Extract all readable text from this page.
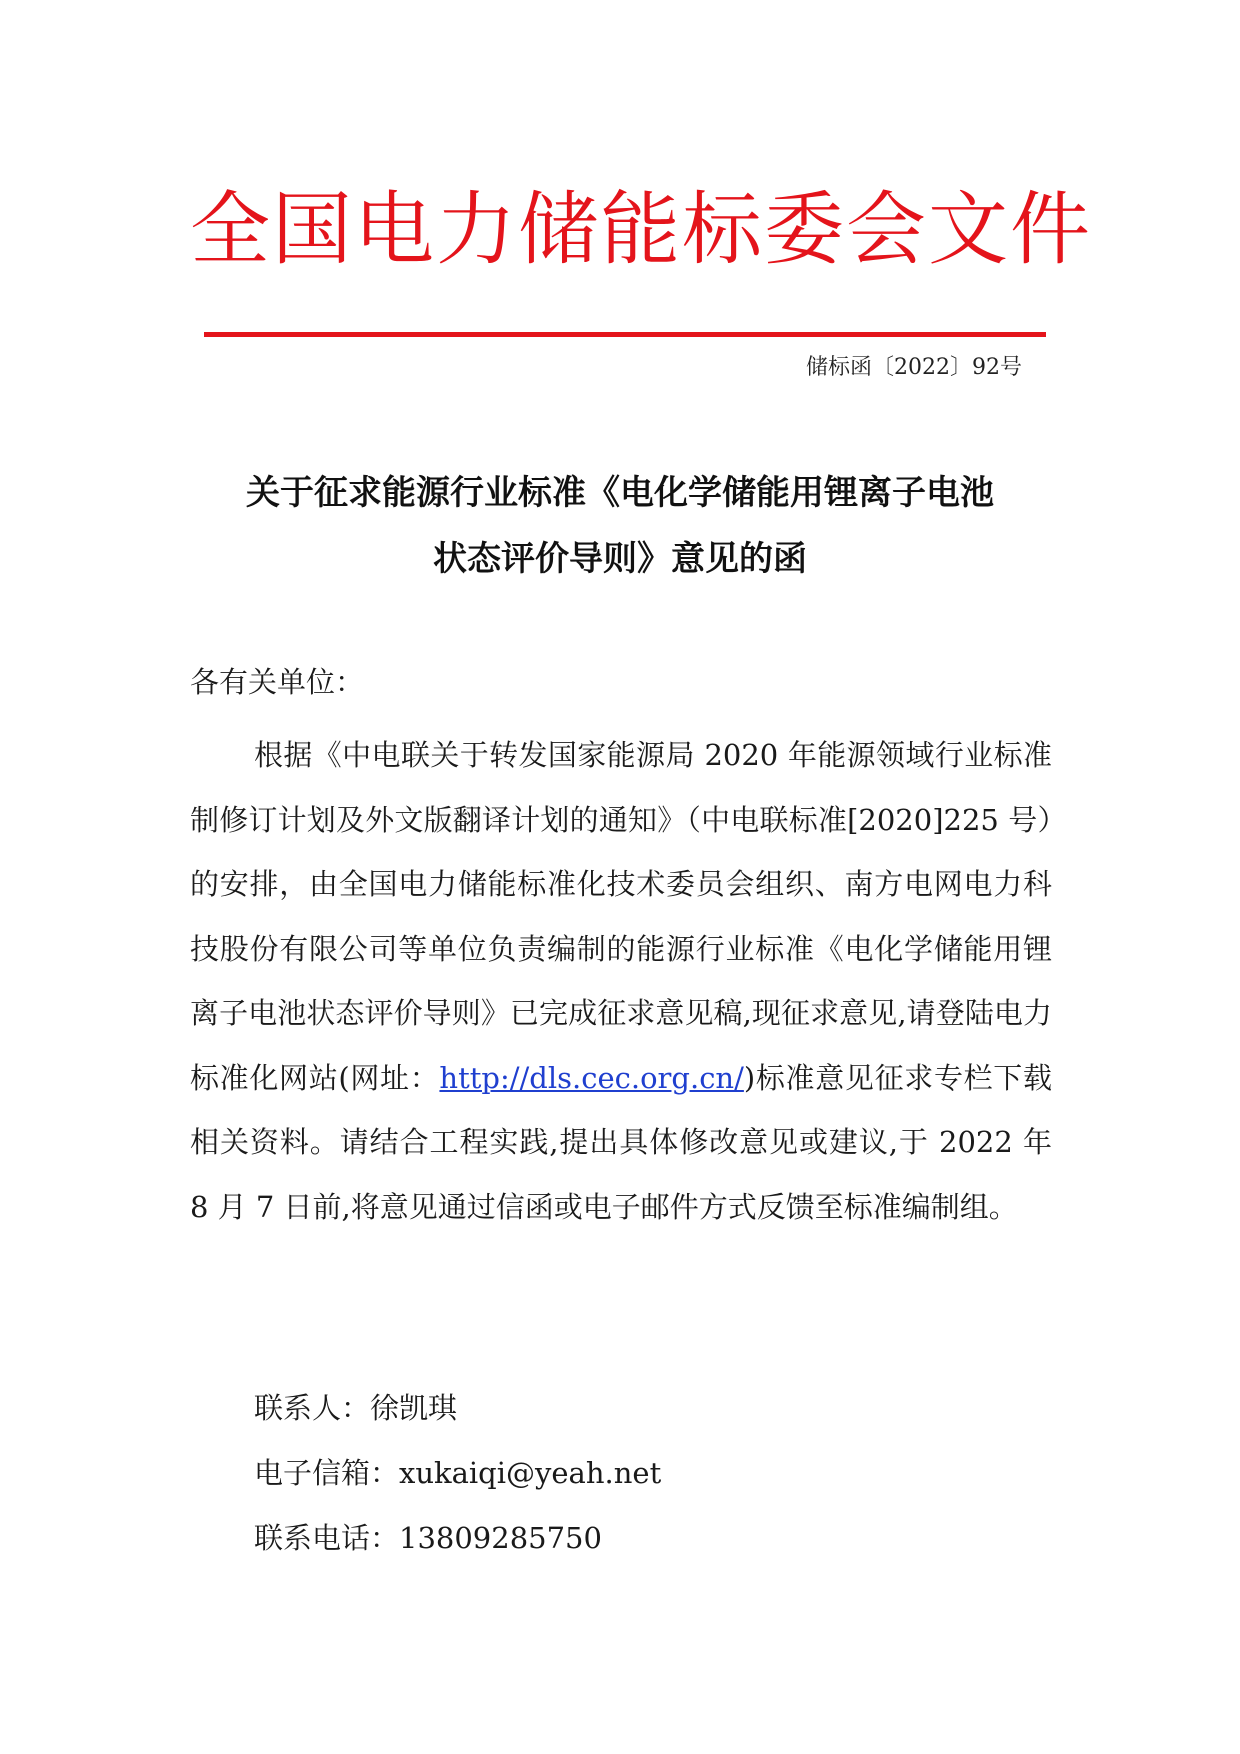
全国电力储能标委会文件
储标函〔2022〕92号
关于征求能源行业标准《电化学储能用锂离子电池
状态评价导则》意见的函
各有关单位：
根据《中电联关于转发国家能源局 2020 年能源领域行业标准制修订计划及外文版翻译计划的通知》（中电联标准[2020]225 号）的安排，由全国电力储能标准化技术委员会组织、南方电网电力科技股份有限公司等单位负责编制的能源行业标准《电化学储能用锂离子电池状态评价导则》已完成征求意见稿,现征求意见,请登陆电力标准化网站(网址：http://dls.cec.org.cn/)标准意见征求专栏下载相关资料。请结合工程实践,提出具体修改意见或建议,于 2022 年 8 月 7 日前,将意见通过信函或电子邮件方式反馈至标准编制组。
联系人：徐凯琪
电子信箱：xukaiqi@yeah.net
联系电话：13809285750
